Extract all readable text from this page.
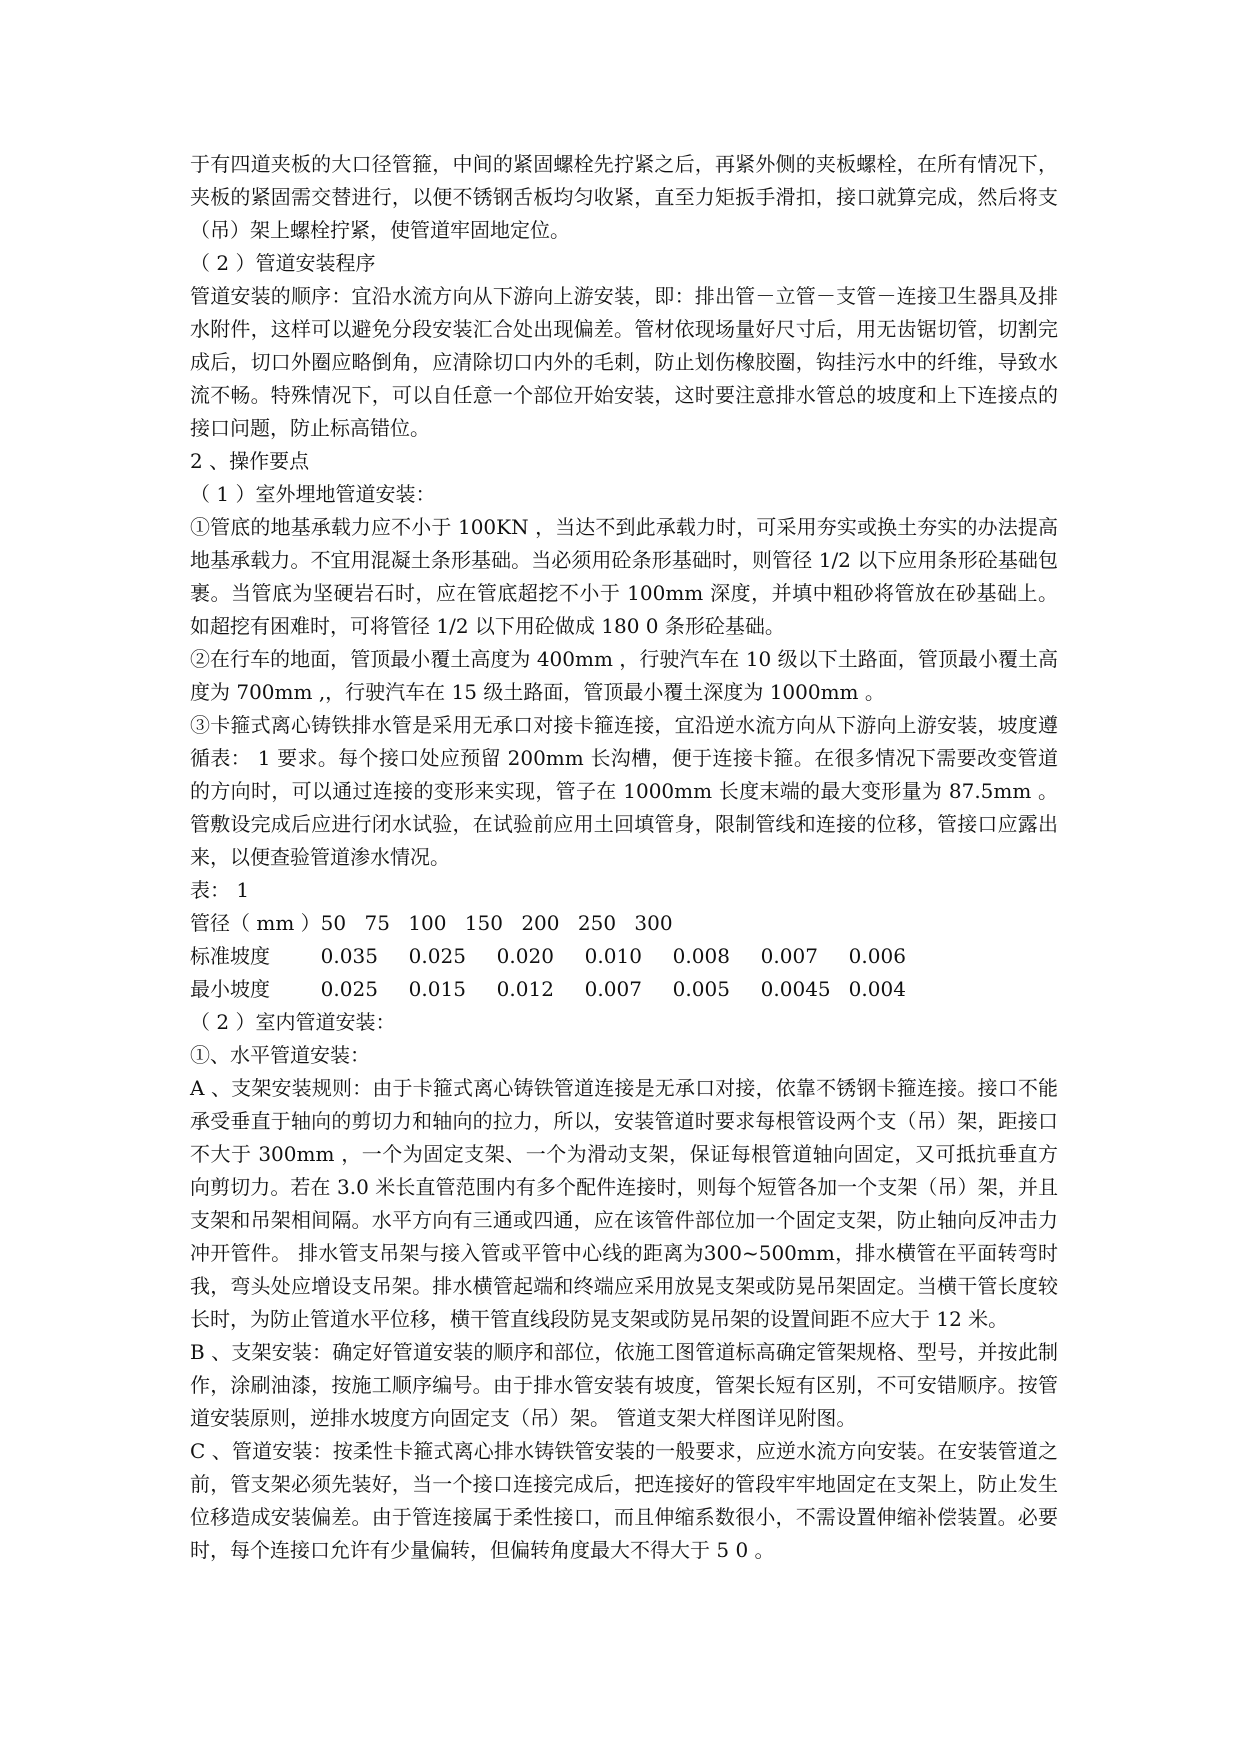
于有四道夹板的大口径管箍，中间的紧固螺栓先拧紧之后，再紧外侧的夹板螺栓，在所有情况下，夹板的紧固需交替进行，以便不锈钢舌板均匀收紧，直至力矩扳手滑扣，接口就算完成，然后将支（吊）架上螺栓拧紧，使管道牢固地定位。

（ 2 ）管道安装程序

管道安装的顺序：宜沿水流方向从下游向上游安装，即：排出管－立管－支管－连接卫生器具及排水附件，这样可以避免分段安装汇合处出现偏差。管材依现场量好尺寸后，用无齿锯切管，切割完成后，切口外圈应略倒角，应清除切口内外的毛刺，防止划伤橡胶圈，钩挂污水中的纤维，导致水流不畅。特殊情况下，可以自任意一个部位开始安装，这时要注意排水管总的坡度和上下连接点的接口问题，防止标高错位。

2 、操作要点

（ 1 ）室外埋地管道安装：

①管底的地基承载力应不小于 100KN ，当达不到此承载力时，可采用夯实或换土夯实的办法提高地基承载力。不宜用混凝土条形基础。当必须用砼条形基础时，则管径 1/2 以下应用条形砼基础包裹。当管底为坚硬岩石时，应在管底超挖不小于 100mm 深度，并填中粗砂将管放在砂基础上。如超挖有困难时，可将管径 1/2 以下用砼做成 180 0 条形砼基础。

②在行车的地面，管顶最小覆土高度为 400mm ，行驶汽车在 10 级以下土路面，管顶最小覆土高度为 700mm ,，行驶汽车在 15 级土路面，管顶最小覆土深度为 1000mm 。

③卡箍式离心铸铁排水管是采用无承口对接卡箍连接，宜沿逆水流方向从下游向上游安装，坡度遵循表： 1 要求。每个接口处应预留 200mm 长沟槽，便于连接卡箍。在很多情况下需要改变管道的方向时，可以通过连接的变形来实现，管子在 1000mm 长度末端的最大变形量为 87.5mm 。管敷设完成后应进行闭水试验，在试验前应用土回填管身，限制管线和连接的位移，管接口应露出来，以便查验管道渗水情况。

表： 1

管径（ mm ）	50 75 100 150 200 250 300						
标准坡度	0.035	0.025	0.020	0.010	0.008	0.007	0.006
最小坡度	0.025	0.015	0.012	0.007	0.005	0.0045	0.004

（ 2 ）室内管道安装：

①、水平管道安装：

A 、支架安装规则：由于卡箍式离心铸铁管道连接是无承口对接，依靠不锈钢卡箍连接。接口不能承受垂直于轴向的剪切力和轴向的拉力，所以，安装管道时要求每根管设两个支（吊）架，距接口不大于 300mm ，一个为固定支架、一个为滑动支架，保证每根管道轴向固定，又可抵抗垂直方向剪切力。若在 3.0 米长直管范围内有多个配件连接时，则每个短管各加一个支架（吊）架，并且支架和吊架相间隔。水平方向有三通或四通，应在该管件部位加一个固定支架，防止轴向反冲击力冲开管件。 排水管支吊架与接入管或平管中心线的距离为300~500mm，排水横管在平面转弯时我，弯头处应增设支吊架。排水横管起端和终端应采用放晃支架或防晃吊架固定。当横干管长度较长时，为防止管道水平位移，横干管直线段防晃支架或防晃吊架的设置间距不应大于 12 米。

B 、支架安装：确定好管道安装的顺序和部位，依施工图管道标高确定管架规格、型号，并按此制作，涂刷油漆，按施工顺序编号。由于排水管安装有坡度，管架长短有区别，不可安错顺序。按管道安装原则，逆排水坡度方向固定支（吊）架。 管道支架大样图详见附图。

C 、管道安装：按柔性卡箍式离心排水铸铁管安装的一般要求，应逆水流方向安装。在安装管道之前，管支架必须先装好，当一个接口连接完成后，把连接好的管段牢牢地固定在支架上，防止发生位移造成安装偏差。由于管连接属于柔性接口，而且伸缩系数很小，不需设置伸缩补偿装置。必要时，每个连接口允许有少量偏转，但偏转角度最大不得大于 5 0 。
